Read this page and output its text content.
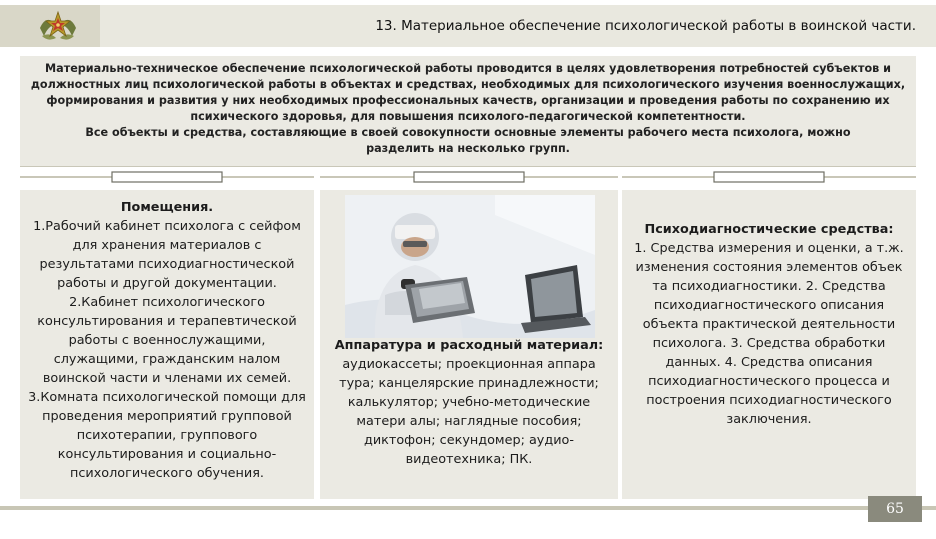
13. Материальное обеспечение психологической работы в воинской части.

Материально-техническое обеспечение психологической работы проводится в целях удовлетворения потребностей субъектов и должностных лиц психологической работы в объектах и средствах, необходимых для психологического изучения военнослужащих, формирования и развития у них необходимых профессиональных качеств, организации и проведения работы по сохранению их психического здоровья, для повышения психолого-педагогической компетентности.

Все объекты и средства, составляющие в своей совокупности основные элементы рабочего места психолога, можно разделить на несколько групп.

Помещения.
1.Рабочий кабинет психолога с сейфом для хранения материалов с результатами психодиагностической работы и другой документации. 2.Кабинет психологического консультирования и терапевтической работы с военнослужащими, служащими, гражданским налом воинской части и членами их семей. 3.Комната психологической помощи для проведения мероприятий групповой психотерапии, группового консультирования и социально-психологического обучения.
Аппаратура и расходный материал:
аудиокассеты; проекционная аппара тура; канцелярские принадлежности; калькулятор; учебно-методические матери алы; наглядные пособия; диктофон; секундомер; аудио- видеотехника; ПК.
Психодиагностические средства:
1. Средства измерения и оценки, а т.ж. изменения состояния элементов объек та психодиагностики. 2. Средства психодиагностического описания объекта практической деятельности психолога. 3. Средства обработки данных. 4. Средства описания психодиагностического процесса и построения психодиагностического заключения.
65
